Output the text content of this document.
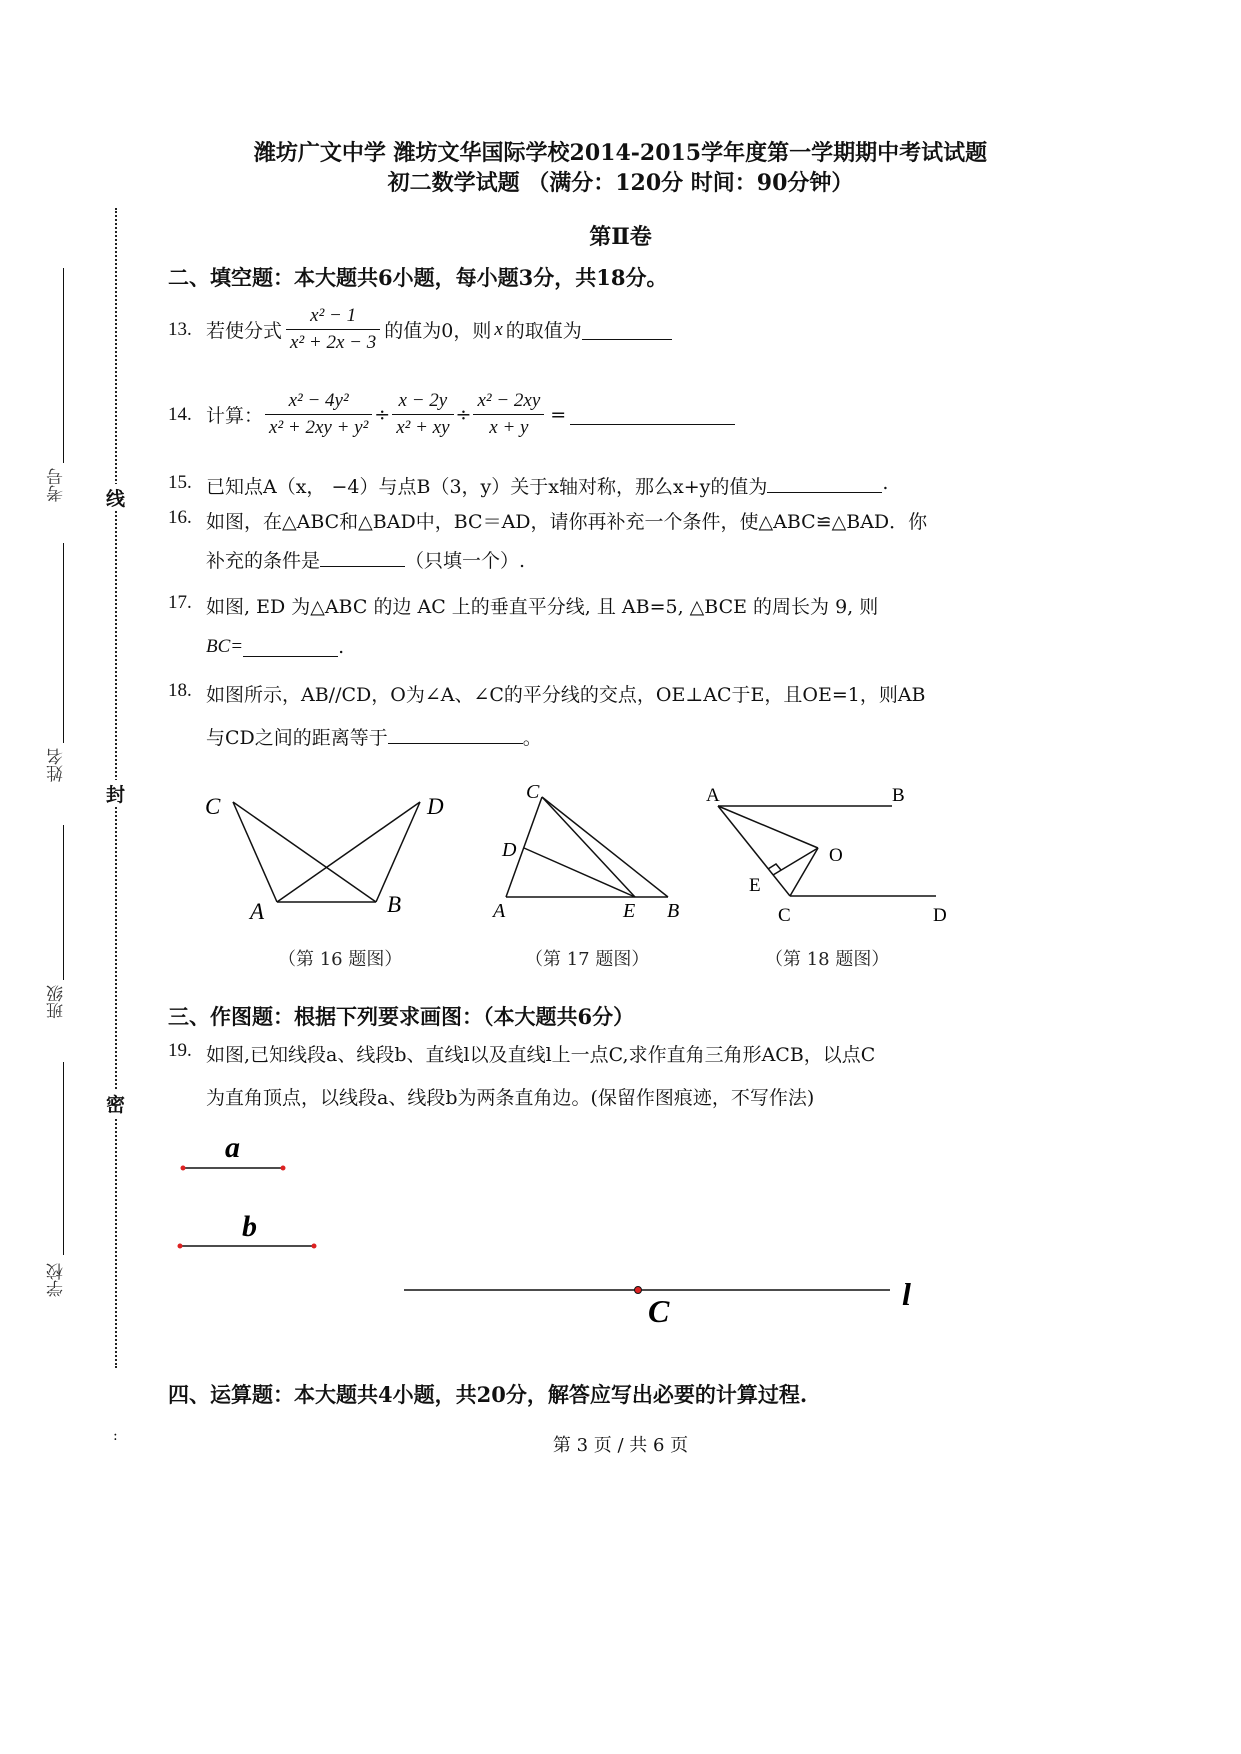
潍坊广文中学 潍坊文华国际学校2014-2015学年度第一学期期中考试试题
初二数学试题 （满分：120分 时间：90分钟）
第Ⅱ卷
考号
姓名
班级
学校
线
封
密
:
二、填空题：本大题共6小题，每小题3分，共18分。
13. 若使分式 $\frac{\text{x² − 1}}{\text{x² + 2x − 3}}$ 的值为0，则 x 的取值为
14. 计算： $\frac{\text{x² − 4y²}}{\text{x² + 2xy + y²}} \div \frac{x - 2y}{\text{x² + xy}} \div \frac{\text{x² − 2xy}}{x + y}$ =
15. 已知点A（x， −4）与点B（3，y）关于x轴对称，那么x+y的值为	.
16. 如图，在△ABC和△BAD中，BC＝AD，请你再补充一个条件，使△ABC≌△BAD．你
补充的条件是	（只填一个）.
17. 如图, ED 为△ABC 的边 AC 上的垂直平分线, 且 AB=5, △BCE 的周长为 9, 则
BC=	.
18. 如图所示，AB//CD，O为∠A、∠C的平分线的交点，OE⊥AC于E，且OE=1，则AB
与CD之间的距离等于	。
C	D
A	B
（第 16 题图）
C
D
A	E B
（第 17 题图）
A	B
O
E
C	D
（第 18 题图）
三、作图题：根据下列要求画图：（本大题共6分）
19. 如图,已知线段a、线段b、直线l以及直线l上一点C,求作直角三角形ACB，以点C
为直角顶点，以线段a、线段b为两条直角边。(保留作图痕迹，不写作法)
a
b
C	l
四、运算题：本大题共4小题，共20分，解答应写出必要的计算过程.
第 3 页 / 共 6 页
